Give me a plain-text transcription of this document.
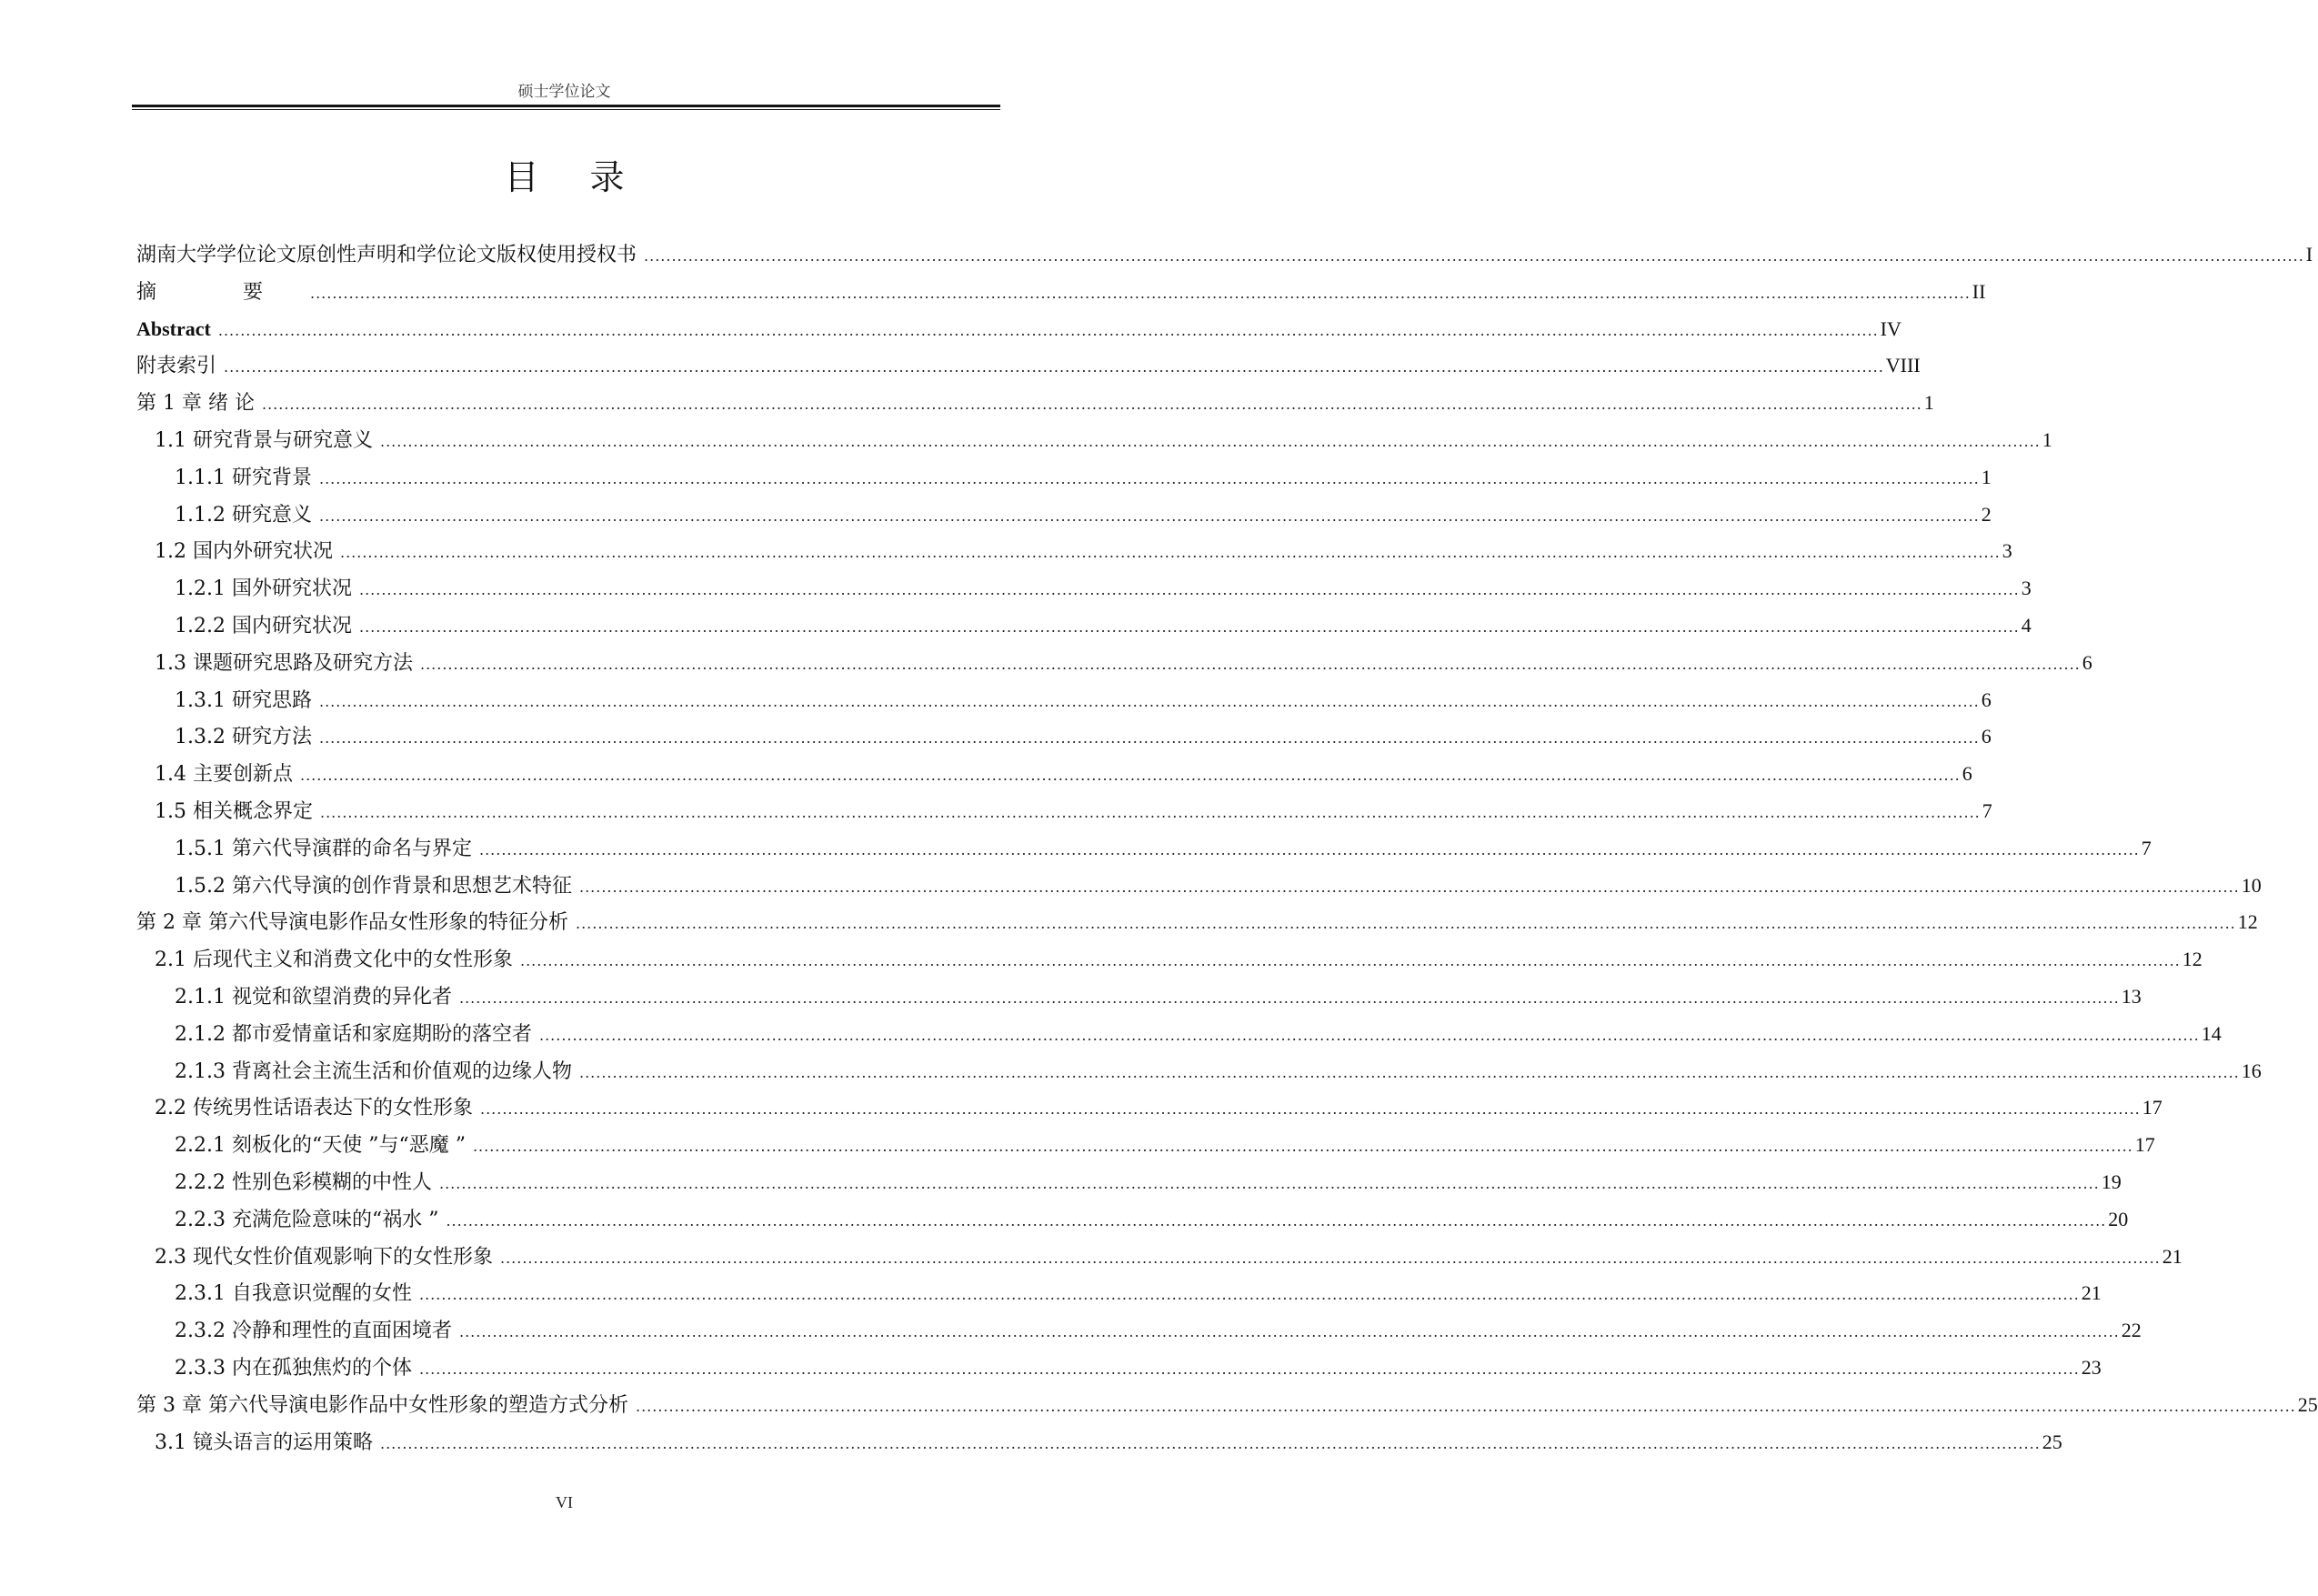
硕士学位论文
目 录
湖南大学学位论文原创性声明和学位论文版权使用授权书 ............................................................................................................................................................................................................................................................................................................ I
摘 要 ............................................................................................................................................................................................................................................................................................................ II
Abstract ............................................................................................................................................................................................................................................................................................................ IV
附表索引 ............................................................................................................................................................................................................................................................................................................ VIII
第 1 章 绪 论 ............................................................................................................................................................................................................................................................................................................ 1
1.1 研究背景与研究意义 ............................................................................................................................................................................................................................................................................................................ 1
1.1.1 研究背景 ............................................................................................................................................................................................................................................................................................................ 1
1.1.2 研究意义 ............................................................................................................................................................................................................................................................................................................ 2
1.2 国内外研究状况 ............................................................................................................................................................................................................................................................................................................ 3
1.2.1 国外研究状况 ............................................................................................................................................................................................................................................................................................................ 3
1.2.2 国内研究状况 ............................................................................................................................................................................................................................................................................................................ 4
1.3 课题研究思路及研究方法 ............................................................................................................................................................................................................................................................................................................ 6
1.3.1 研究思路 ............................................................................................................................................................................................................................................................................................................ 6
1.3.2 研究方法 ............................................................................................................................................................................................................................................................................................................ 6
1.4 主要创新点 ............................................................................................................................................................................................................................................................................................................ 6
1.5 相关概念界定 ............................................................................................................................................................................................................................................................................................................ 7
1.5.1 第六代导演群的命名与界定 ............................................................................................................................................................................................................................................................................................................ 7
1.5.2 第六代导演的创作背景和思想艺术特征 ............................................................................................................................................................................................................................................................................................................ 10
第 2 章 第六代导演电影作品女性形象的特征分析 ............................................................................................................................................................................................................................................................................................................ 12
2.1 后现代主义和消费文化中的女性形象 ............................................................................................................................................................................................................................................................................................................ 12
2.1.1 视觉和欲望消费的异化者 ............................................................................................................................................................................................................................................................................................................ 13
2.1.2 都市爱情童话和家庭期盼的落空者 ............................................................................................................................................................................................................................................................................................................ 14
2.1.3 背离社会主流生活和价值观的边缘人物 ............................................................................................................................................................................................................................................................................................................ 16
2.2 传统男性话语表达下的女性形象 ............................................................................................................................................................................................................................................................................................................ 17
2.2.1 刻板化的“天使 ”与“恶魔 ” ............................................................................................................................................................................................................................................................................................................ 17
2.2.2 性别色彩模糊的中性人 ............................................................................................................................................................................................................................................................................................................ 19
2.2.3 充满危险意味的“祸水 ” ............................................................................................................................................................................................................................................................................................................ 20
2.3 现代女性价值观影响下的女性形象 ............................................................................................................................................................................................................................................................................................................ 21
2.3.1 自我意识觉醒的女性 ............................................................................................................................................................................................................................................................................................................ 21
2.3.2 冷静和理性的直面困境者 ............................................................................................................................................................................................................................................................................................................ 22
2.3.3 内在孤独焦灼的个体 ............................................................................................................................................................................................................................................................................................................ 23
第 3 章 第六代导演电影作品中女性形象的塑造方式分析 ............................................................................................................................................................................................................................................................................................................ 25
3.1 镜头语言的运用策略 ............................................................................................................................................................................................................................................................................................................ 25
VI
